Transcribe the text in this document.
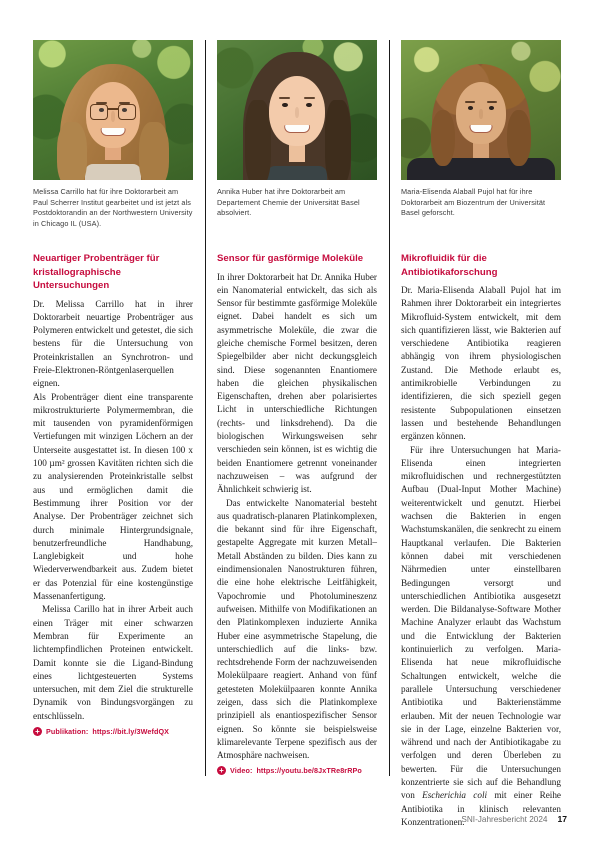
Melissa Carrillo hat für ihre Doktorarbeit am Paul Scherrer Institut gearbeitet und ist jetzt als Postdoktorandin an der Northwestern University in Chicago IL (USA).
Neuartiger Probenträger für kristallographische Untersuchungen

Dr. Melissa Carrillo hat in ihrer Doktorarbeit neuartige Probenträger aus Polymeren entwickelt und getestet, die sich bestens für die Untersuchung von Proteinkristallen an Synchrotron- und Freie-Elektronen-Röntgenlaserquellen eignen.

Als Probenträger dient eine transparente mikrostrukturierte Polymermembran, die mit tausenden von pyramidenförmigen Vertiefungen mit winzigen Löchern an der Unterseite ausgestattet ist. In diesen 100 x 100 µm² grossen Kavitäten richten sich die zu analysierenden Proteinkristalle selbst aus und ermöglichen damit die Bestimmung ihrer Position vor der Analyse. Der Probenträger zeichnet sich durch minimale Hintergrundsignale, benutzerfreundliche Handhabung, Langlebigkeit und hohe Wiederverwendbarkeit aus. Zudem bietet er das Potenzial für eine kostengünstige Massenanfertigung.

Melissa Carillo hat in ihrer Arbeit auch einen Träger mit einer schwarzen Membran für Experimente an lichtempfindlichen Proteinen entwickelt. Damit konnte sie die Ligand-Bindung eines lichtgesteuerten Systems untersuchen, mit dem Ziel die strukturelle Dynamik von Bindungsvorgängen zu entschlüsseln.

+
Publikation: https://bit.ly/3WefdQX
Annika Huber hat ihre Doktorarbeit am Departement Chemie der Universität Basel absolviert.
Sensor für gasförmige Moleküle

In ihrer Doktorarbeit hat Dr. Annika Huber ein Nanomaterial entwickelt, das sich als Sensor für bestimmte gasförmige Moleküle eignet. Dabei handelt es sich um asymmetrische Moleküle, die zwar die gleiche chemische Formel besitzen, deren Spiegelbilder aber nicht deckungsgleich sind. Diese sogenannten Enantiomere haben die gleichen physikalischen Eigenschaften, drehen aber polarisiertes Licht in unterschiedliche Richtungen (rechts- und linksdrehend). Da die biologischen Wirkungsweisen sehr verschieden sein können, ist es wichtig die beiden Enantiomere getrennt voneinander nachzuweisen – was aufgrund der Ähnlichkeit schwierig ist.

Das entwickelte Nanomaterial besteht aus quadratisch-planaren Platinkomplexen, die bekannt sind für ihre Eigenschaft, gestapelte Aggregate mit kurzen Metall–Metall Abständen zu bilden. Dies kann zu eindimensionalen Nanostrukturen führen, die eine hohe elektrische Leitfähigkeit, Vapochromie und Photolumineszenz aufweisen. Mithilfe von Modifikationen an den Platinkomplexen induzierte Annika Huber eine asymmetrische Stapelung, die unterschiedlich auf die links- bzw. rechtsdrehende Form der nachzuweisenden Molekülpaare reagiert. Anhand von fünf getesteten Molekülpaaren konnte Annika zeigen, dass sich die Platinkomplexe prinzipiell als enantiospezifischer Sensor eignen. So könnte sie beispielsweise klimarelevante Terpene spezifisch aus der Atmosphäre nachweisen.

+
Video: https://youtu.be/8JxTRe8rRPo
Maria-Elisenda Alaball Pujol hat für ihre Doktorarbeit am Biozentrum der Universität Basel geforscht.
Mikrofluidik für die Antibiotikaforschung

Dr. Maria-Elisenda Alaball Pujol hat im Rahmen ihrer Doktorarbeit ein integriertes Mikrofluid-System entwickelt, mit dem sich quantifizieren lässt, wie Bakterien auf verschiedene Antibiotika reagieren abhängig von ihrem physiologischen Zustand. Die Methode erlaubt es, antimikrobielle Verbindungen zu identifizieren, die sich speziell gegen resistente Subpopulationen einsetzen lassen und bestehende Behandlungen ergänzen können.

Für ihre Untersuchungen hat Maria-Elisenda einen integrierten mikrofluidischen und rechnergestützten Aufbau (Dual-Input Mother Machine) weiterentwickelt und genutzt. Hierbei wachsen die Bakterien in engen Wachstumskanälen, die senkrecht zu einem Hauptkanal verlaufen. Die Bakterien können dabei mit verschiedenen Nährmedien unter einstellbaren Bedingungen versorgt und unterschiedlichen Antibiotika ausgesetzt werden. Die Bildanalyse-Software Mother Machine Analyzer erlaubt das Wachstum und die Entwicklung der Bakterien kontinuierlich zu verfolgen. Maria-Elisenda hat neue mikrofluidische Schaltungen entwickelt, welche die parallele Untersuchung verschiedener Antibiotika und Bakterienstämme erlauben. Mit der neuen Technologie war sie in der Lage, einzelne Bakterien vor, während und nach der Antibiotikagabe zu verfolgen und deren Überleben zu bewerten. Für die Untersuchungen konzentrierte sie sich auf die Behandlung von Escherichia coli mit einer Reihe Antibiotika in klinisch relevanten Konzentrationen.

SNI-Jahresbericht 2024 17
